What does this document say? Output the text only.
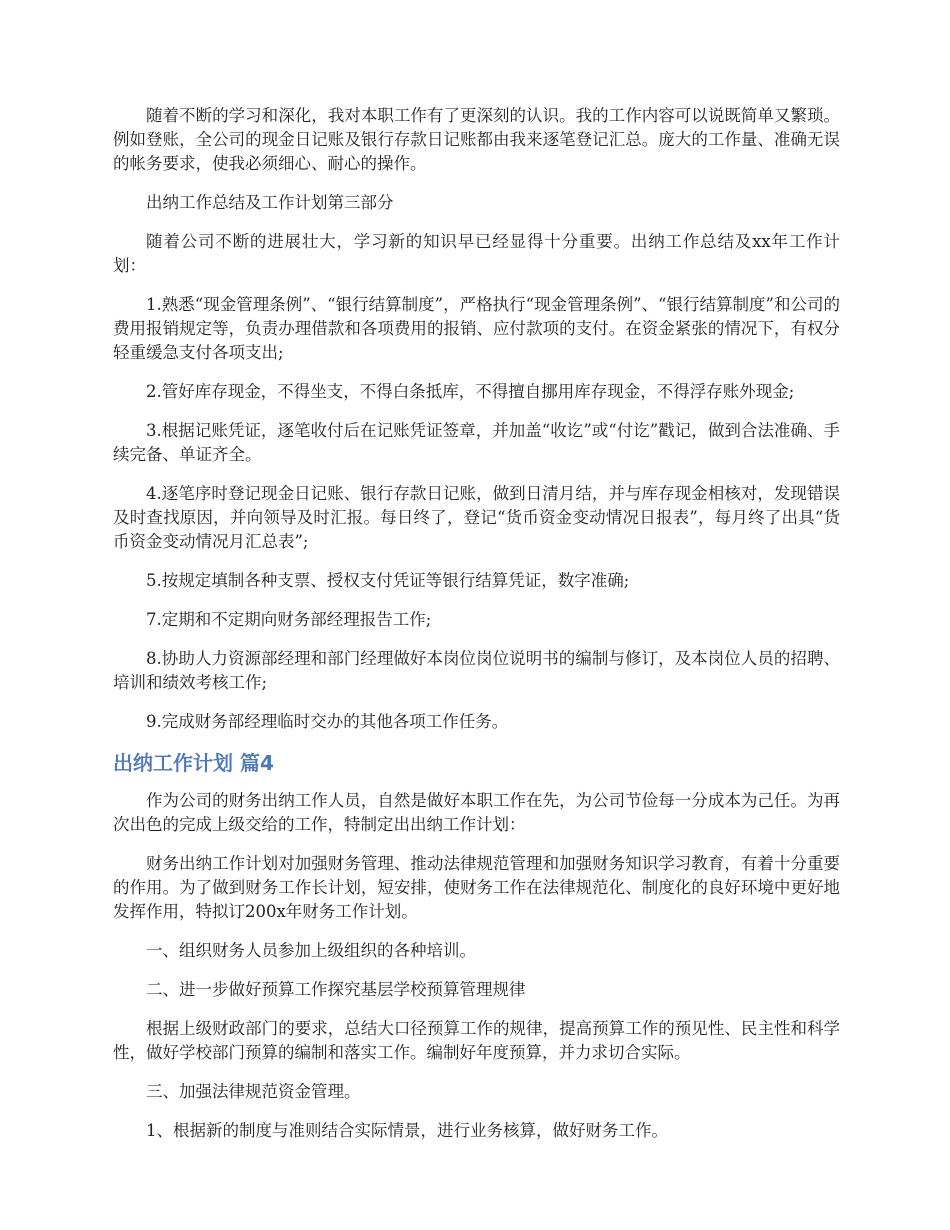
随着不断的学习和深化，我对本职工作有了更深刻的认识。我的工作内容可以说既简单又繁琐。例如登账，全公司的现金日记账及银行存款日记账都由我来逐笔登记汇总。庞大的工作量、准确无误的帐务要求，使我必须细心、耐心的操作。

出纳工作总结及工作计划第三部分

随着公司不断的进展壮大，学习新的知识早已经显得十分重要。出纳工作总结及xx年工作计划：

1.熟悉“现金管理条例”、“银行结算制度”，严格执行“现金管理条例”、“银行结算制度”和公司的费用报销规定等，负责办理借款和各项费用的报销、应付款项的支付。在资金紧张的情况下，有权分轻重缓急支付各项支出;

2.管好库存现金，不得坐支，不得白条抵库，不得擅自挪用库存现金，不得浮存账外现金;

3.根据记账凭证，逐笔收付后在记账凭证签章，并加盖“收讫”或“付讫”戳记，做到合法准确、手续完备、单证齐全。

4.逐笔序时登记现金日记账、银行存款日记账，做到日清月结，并与库存现金相核对，发现错误及时查找原因，并向领导及时汇报。每日终了，登记“货币资金变动情况日报表”，每月终了出具“货币资金变动情况月汇总表”;

5.按规定填制各种支票、授权支付凭证等银行结算凭证，数字准确;

7.定期和不定期向财务部经理报告工作;

8.协助人力资源部经理和部门经理做好本岗位岗位说明书的编制与修订，及本岗位人员的招聘、培训和绩效考核工作;

9.完成财务部经理临时交办的其他各项工作任务。

出纳工作计划 篇4

作为公司的财务出纳工作人员，自然是做好本职工作在先，为公司节俭每一分成本为己任。为再次出色的完成上级交给的工作，特制定出出纳工作计划：

财务出纳工作计划对加强财务管理、推动法律规范管理和加强财务知识学习教育，有着十分重要的作用。为了做到财务工作长计划，短安排，使财务工作在法律规范化、制度化的良好环境中更好地发挥作用，特拟订200x年财务工作计划。

一、组织财务人员参加上级组织的各种培训。

二、进一步做好预算工作探究基层学校预算管理规律

根据上级财政部门的要求，总结大口径预算工作的规律，提高预算工作的预见性、民主性和科学性，做好学校部门预算的编制和落实工作。编制好年度预算，并力求切合实际。

三、加强法律规范资金管理。

1、根据新的制度与准则结合实际情景，进行业务核算，做好财务工作。
